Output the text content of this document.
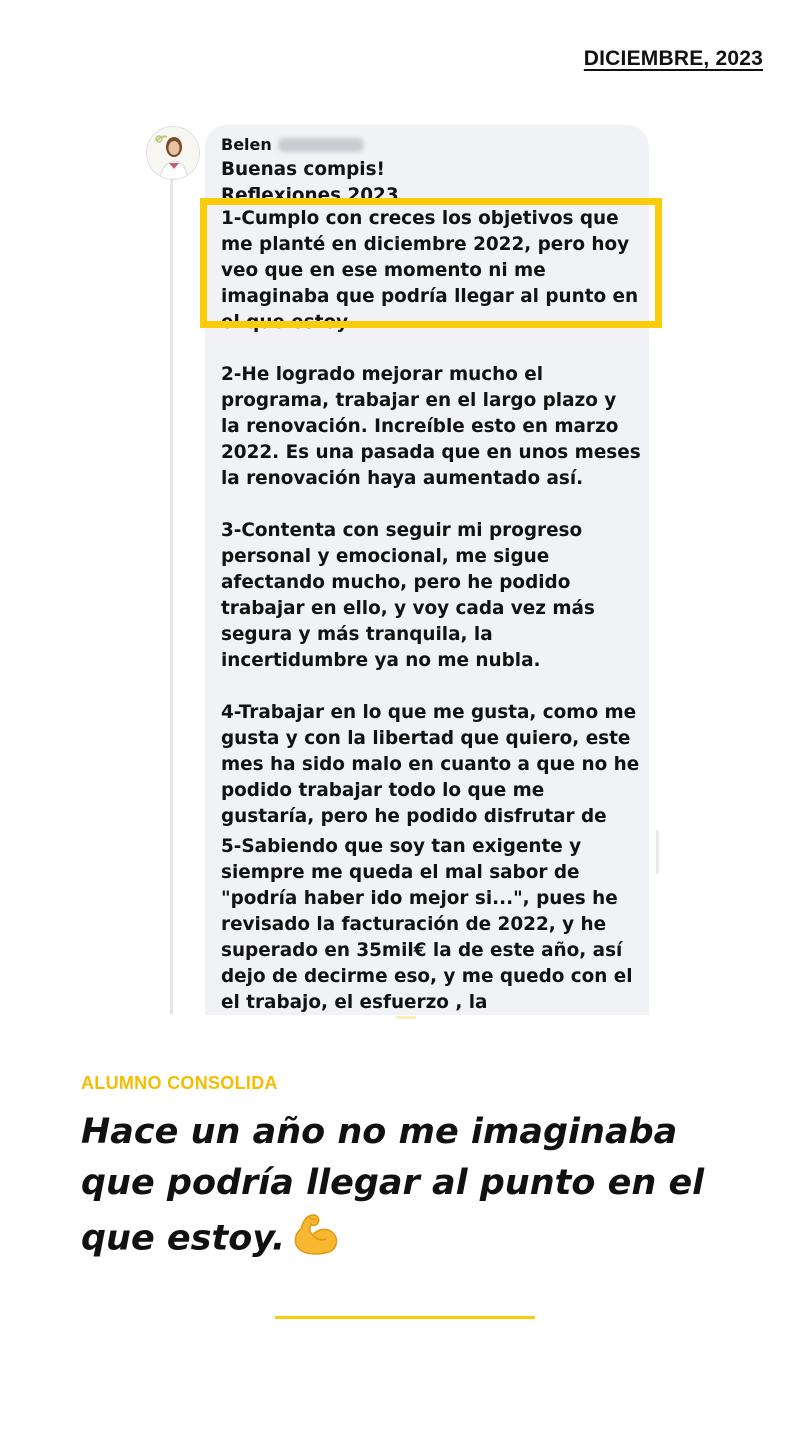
DICIEMBRE, 2023
Belen

Buenas compis!

Reflexiones 2023

1-Cumplo con creces los objetivos que me planté en diciembre 2022, pero hoy veo que en ese momento ni me imaginaba que podría llegar al punto en el que estoy.

2-He logrado mejorar mucho el programa, trabajar en el largo plazo y la renovación. Increíble esto en marzo 2022. Es una pasada que en unos meses la renovación haya aumentado así.

3-Contenta con seguir mi progreso personal y emocional, me sigue afectando mucho, pero he podido trabajar en ello, y voy cada vez más segura y más tranquila, la incertidumbre ya no me nubla.

4-Trabajar en lo que me gusta, como me gusta y con la libertad que quiero, este mes ha sido malo en cuanto a que no he podido trabajar todo lo que me gustaría, pero he podido disfrutar de

5-Sabiendo que soy tan exigente y siempre me queda el mal sabor de "podría haber ido mejor si...", pues he revisado la facturación de 2022, y he superado en 35mil€ la de este año, así dejo de decirme eso, y me quedo con el el trabajo, el esfuerzo , la

ALUMNO CONSOLIDA
Hace un año no me imaginaba que podría llegar al punto en el que estoy.
